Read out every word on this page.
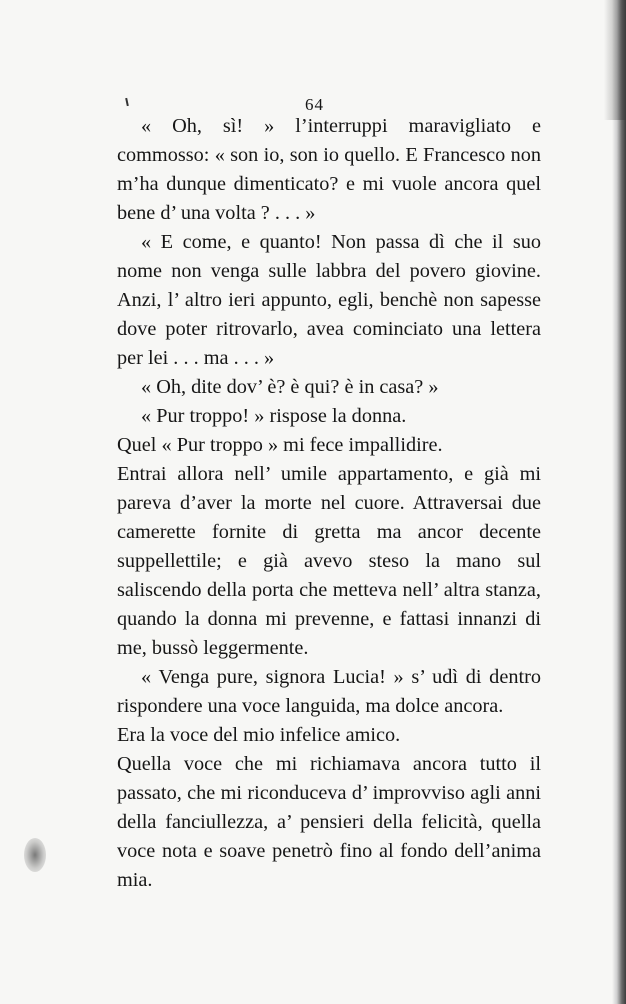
64

« Oh, sì! » l’interruppi maravigliato e commosso: « son io, son io quello. E Francesco non m’ha dunque dimenticato? e mi vuole ancora quel bene d’ una volta ? . . . »

« E come, e quanto! Non passa dì che il suo nome non venga sulle labbra del povero giovine. Anzi, l’ altro ieri appunto, egli, benchè non sapesse dove poter ritrovarlo, avea cominciato una lettera per lei . . . ma . . . »

« Oh, dite dov’ è? è qui? è in casa? »

« Pur troppo! » rispose la donna.

Quel « Pur troppo » mi fece impallidire.

Entrai allora nell’ umile appartamento, e già mi pareva d’aver la morte nel cuore. Attraversai due camerette fornite di gretta ma ancor decente suppellettile; e già avevo steso la mano sul saliscendo della porta che metteva nell’ altra stanza, quando la donna mi prevenne, e fattasi innanzi di me, bussò leggermente.

« Venga pure, signora Lucia! » s’ udì di dentro rispondere una voce languida, ma dolce ancora.

Era la voce del mio infelice amico.

Quella voce che mi richiamava ancora tutto il passato, che mi riconduceva d’ improvviso agli anni della fanciullezza, a’ pensieri della felicità, quella voce nota e soave penetrò fino al fondo dell’anima mia.
